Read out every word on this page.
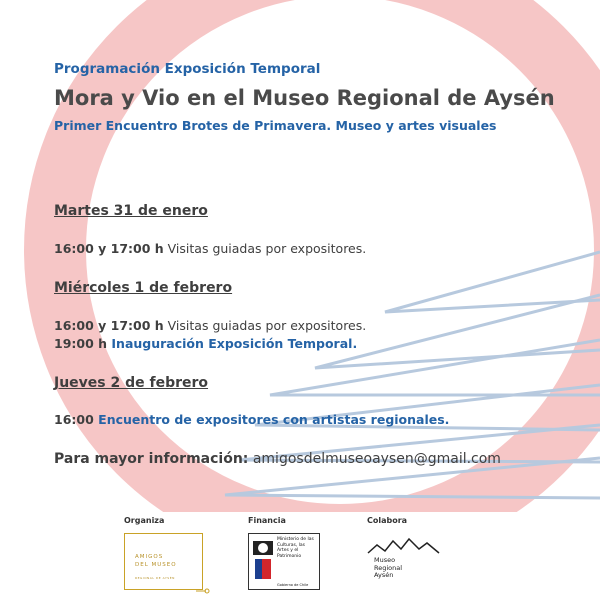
Programación Exposición Temporal
Mora y Vio en el Museo Regional de Aysén
Primer Encuentro Brotes de Primavera. Museo y artes visuales
Martes 31 de enero
16:00 y 17:00 h Visitas guiadas por expositores.
Miércoles 1 de febrero
16:00 y 17:00 h Visitas guiadas por expositores.
19:00 h Inauguración Exposición Temporal.
Jueves 2 de febrero
16:00 Encuentro de expositores con artistas regionales.
Para mayor información: amigosdelmuseoaysen@gmail.com
Organiza	Financia	Colabora
AMIGOS
DEL MUSEO
REGIONAL DE AYSÉN
Ministerio de las Culturas, las Artes y el Patrimonio
Gobierno de Chile
Museo Regional Aysén
